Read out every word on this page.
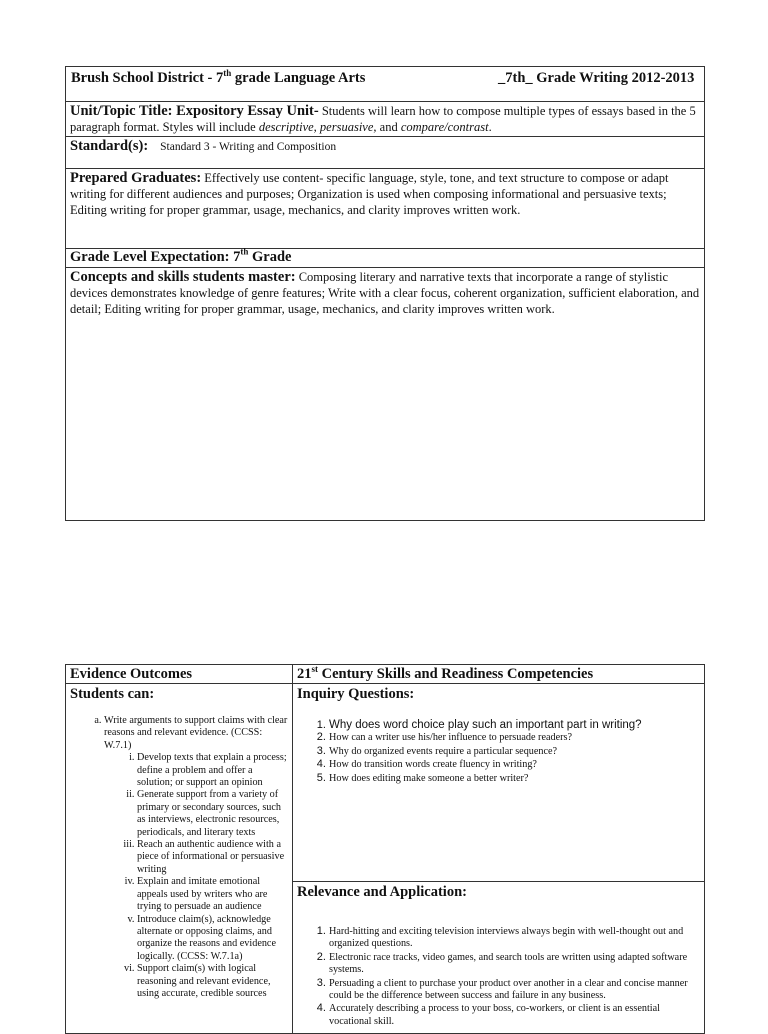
Brush School District - 7th grade Language Arts	_7th_ Grade Writing 2012-2013
Unit/Topic Title: Expository Essay Unit- Students will learn how to compose multiple types of essays based in the 5 paragraph format. Styles will include descriptive, persuasive, and compare/contrast.
Standard(s): Standard 3 - Writing and Composition
Prepared Graduates: Effectively use content- specific language, style, tone, and text structure to compose or adapt writing for different audiences and purposes; Organization is used when composing informational and persuasive texts; Editing writing for proper grammar, usage, mechanics, and clarity improves written work.
Grade Level Expectation: 7th Grade
Concepts and skills students master: Composing literary and narrative texts that incorporate a range of stylistic devices demonstrates knowledge of genre features; Write with a clear focus, coherent organization, sufficient elaboration, and detail; Editing writing for proper grammar, usage, mechanics, and clarity improves written work.
Evidence Outcomes	21st Century Skills and Readiness Competencies
Students can:
a. Write arguments to support claims with clear reasons and relevant evidence. (CCSS: W.7.1)
i. Develop texts that explain a process; define a problem and offer a solution; or support an opinion
ii. Generate support from a variety of primary or secondary sources, such as interviews, electronic resources, periodicals, and literary texts
iii. Reach an authentic audience with a piece of informational or persuasive writing
iv. Explain and imitate emotional appeals used by writers who are trying to persuade an audience
v. Introduce claim(s), acknowledge alternate or opposing claims, and organize the reasons and evidence logically. (CCSS: W.7.1a)
vi. Support claim(s) with logical reasoning and relevant evidence, using accurate, credible sources
Inquiry Questions:
1. Why does word choice play such an important part in writing?
2. How can a writer use his/her influence to persuade readers?
3. Why do organized events require a particular sequence?
4. How do transition words create fluency in writing?
5. How does editing make someone a better writer?
Relevance and Application:
1. Hard-hitting and exciting television interviews always begin with well-thought out and organized questions.
2. Electronic race tracks, video games, and search tools are written using adapted software systems.
3. Persuading a client to purchase your product over another in a clear and concise manner could be the difference between success and failure in any business.
4. Accurately describing a process to your boss, co-workers, or client is an essential vocational skill.
